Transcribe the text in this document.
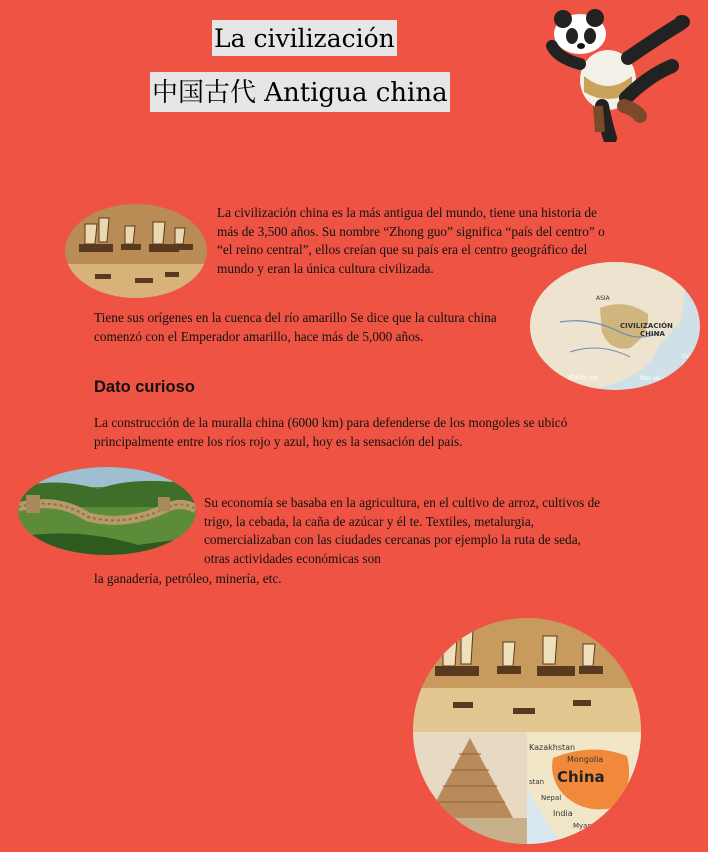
La civilización
中国古代 Antigua china

La civilización china es la más antigua del mundo, tiene una historia de más de 3,500 años. Su nombre “Zhong guo” significa “país del centro” o “el reino central”, ellos creían que su país era el centro geográfico del mundo y eran la única cultura civilizada.

ASIA
CIVILIZACIÓN
CHINA
Golfo de	Mar de la China
Océa
Pacíf

Tiene sus orígenes en la cuenca del río amarillo Se dice que la cultura china comenzó con el Emperador amarillo, hace más de 5,000 años.

Dato curioso

La construcción de la muralla china (6000 km) para defenderse de los mongoles se ubicó principalmente entre los ríos rojo y azul, hoy es la sensación del país.

Su economía se basaba en la agricultura, en el cultivo de arroz, cultivos de trigo, la cebada, la caña de azúcar y él te. Textiles, metalurgia, comercializaban con las ciudades cercanas por ejemplo la ruta de seda, otras actividades económicas son

la ganadería, petróleo, minería, etc.

Kazakhstan
Mongolia
China
stan
Nepal
India
Myan
